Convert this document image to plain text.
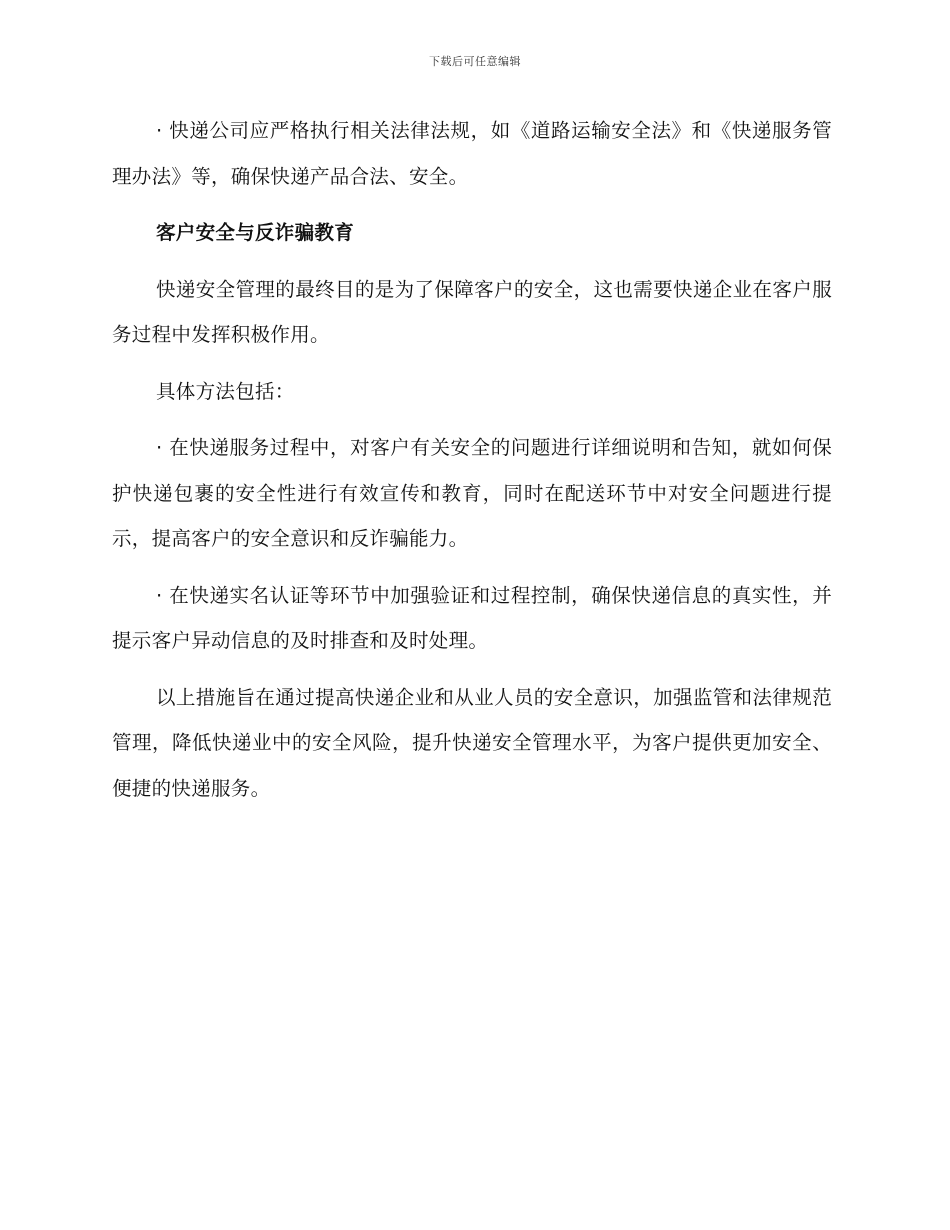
下载后可任意编辑

· 快递公司应严格执行相关法律法规，如《道路运输安全法》和《快递服务管理办法》等，确保快递产品合法、安全。

客户安全与反诈骗教育

快递安全管理的最终目的是为了保障客户的安全，这也需要快递企业在客户服务过程中发挥积极作用。

具体方法包括：

· 在快递服务过程中，对客户有关安全的问题进行详细说明和告知，就如何保护快递包裹的安全性进行有效宣传和教育，同时在配送环节中对安全问题进行提示，提高客户的安全意识和反诈骗能力。

· 在快递实名认证等环节中加强验证和过程控制，确保快递信息的真实性，并提示客户异动信息的及时排查和及时处理。

以上措施旨在通过提高快递企业和从业人员的安全意识，加强监管和法律规范管理，降低快递业中的安全风险，提升快递安全管理水平，为客户提供更加安全、便捷的快递服务。
